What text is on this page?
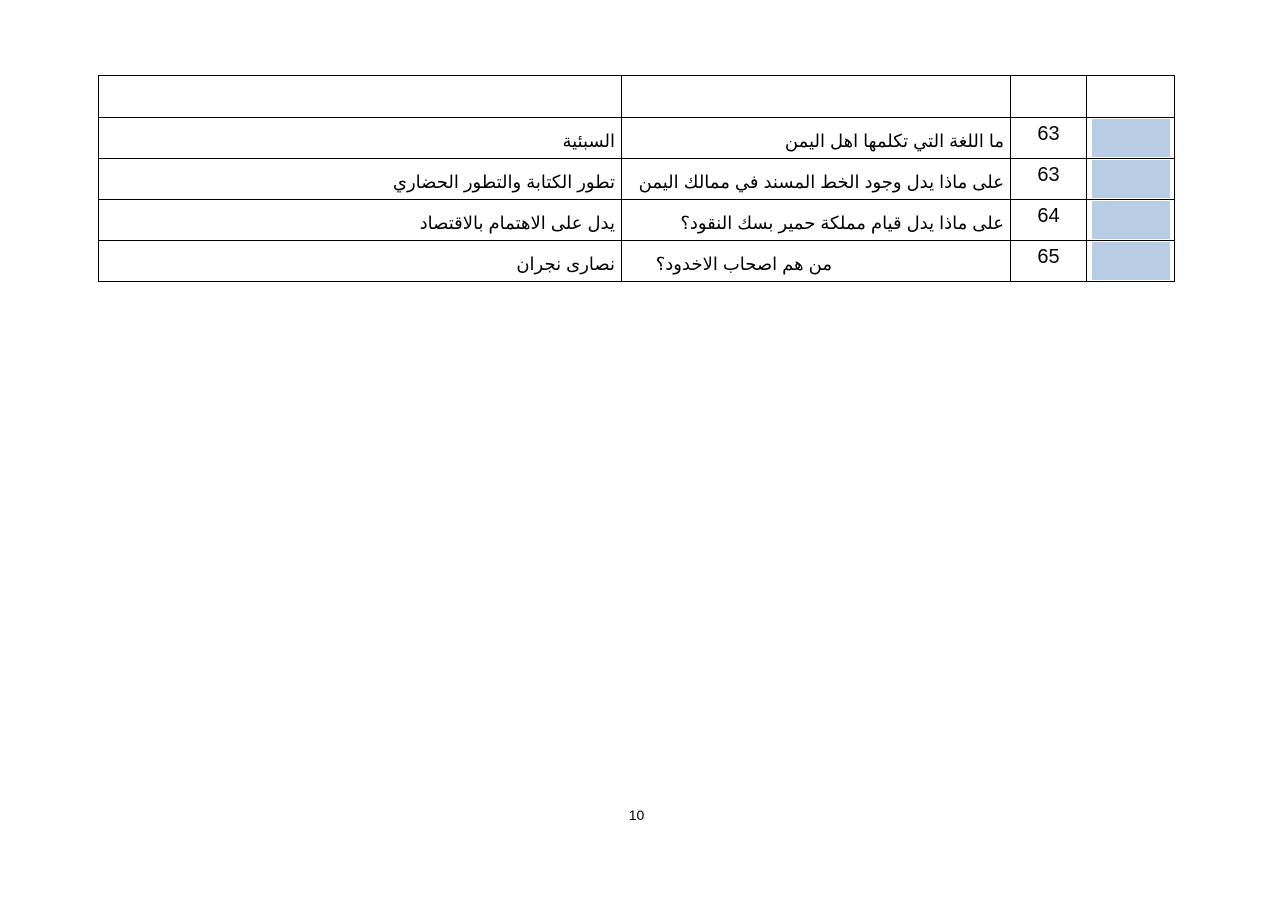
السبئية	ما اللغة التي تكلمها اهل اليمن	63	

تطور الكتابة والتطور الحضاري	على ماذا يدل وجود الخط المسند في ممالك اليمن	63	

يدل على الاهتمام بالاقتصاد	على ماذا يدل قيام مملكة حمير بسك النقود؟	64	

نصارى نجران	من هم اصحاب الاخدود؟	65	
10
